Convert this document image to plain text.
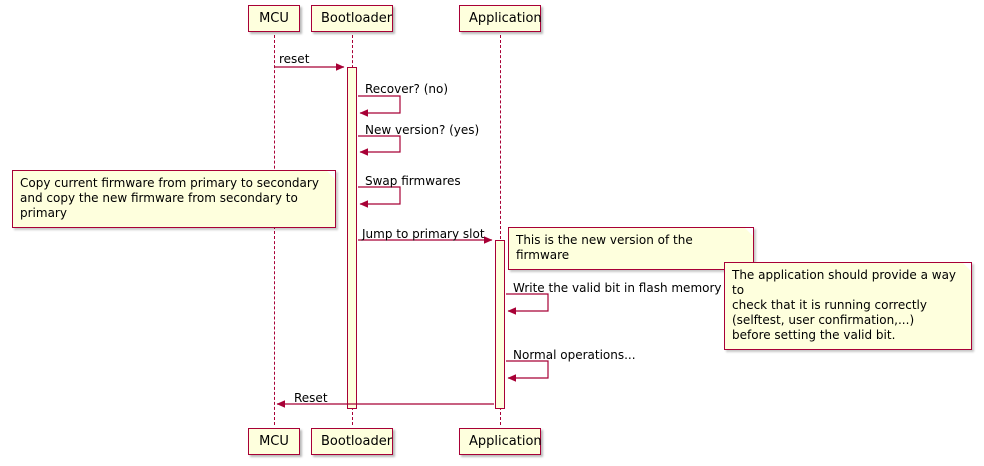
MCU	Bootloader	Application
MCU	Bootloader	Application
reset
Recover? (no)
New version? (yes)
Swap firmwares
Jump to primary slot
Write the valid bit in flash memory
Normal operations...
Reset
Copy current firmware from primary to secondary
and copy the new firmware from secondary to primary
This is the new version of the firmware
The application should provide a way to
check that it is running correctly
(selftest, user confirmation,...)
before setting the valid bit.
